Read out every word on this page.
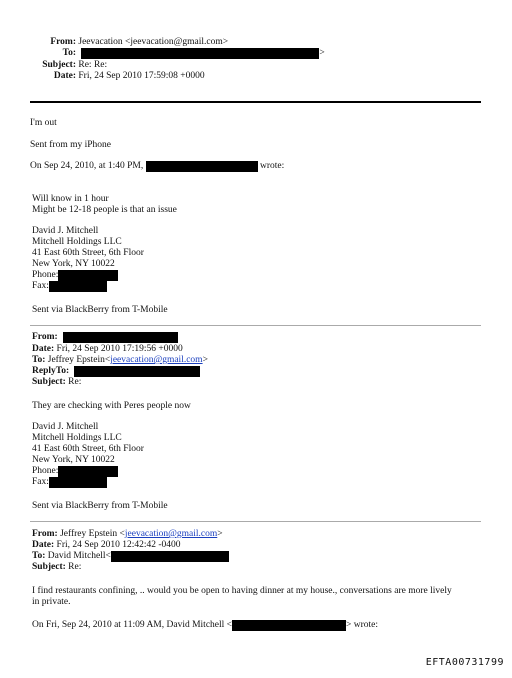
From: Jeevacation <jeevacation@gmail.com>
To:	>
Subject: Re: Re:
Date: Fri, 24 Sep 2010 17:59:08 +0000
I'm out
Sent from my iPhone
On Sep 24, 2010, at 1:40 PM,	wrote:
Will know in 1 hour
Might be 12-18 people is that an issue
David J. Mitchell
Mitchell Holdings LLC
41 East 60th Street, 6th Floor
New York, NY 10022
Phone:
Fax:
Sent via BlackBerry from T-Mobile
From:
Date: Fri, 24 Sep 2010 17:19:56 +0000
To: Jeffrey Epstein<jeevacation@gmail.com>
ReplyTo:
Subject: Re:
They are checking with Peres people now
David J. Mitchell
Mitchell Holdings LLC
41 East 60th Street, 6th Floor
New York, NY 10022
Phone:
Fax:
Sent via BlackBerry from T-Mobile
From: Jeffrey Epstein <jeevacation@gmail.com>
Date: Fri, 24 Sep 2010 12:42:42 -0400
To: David Mitchell<
Subject: Re:
I find restaurants confining, .. would you be open to having dinner at my house., conversations are more lively
in private.
On Fri, Sep 24, 2010 at 11:09 AM, David Mitchell <	> wrote:
EFTA00731799
